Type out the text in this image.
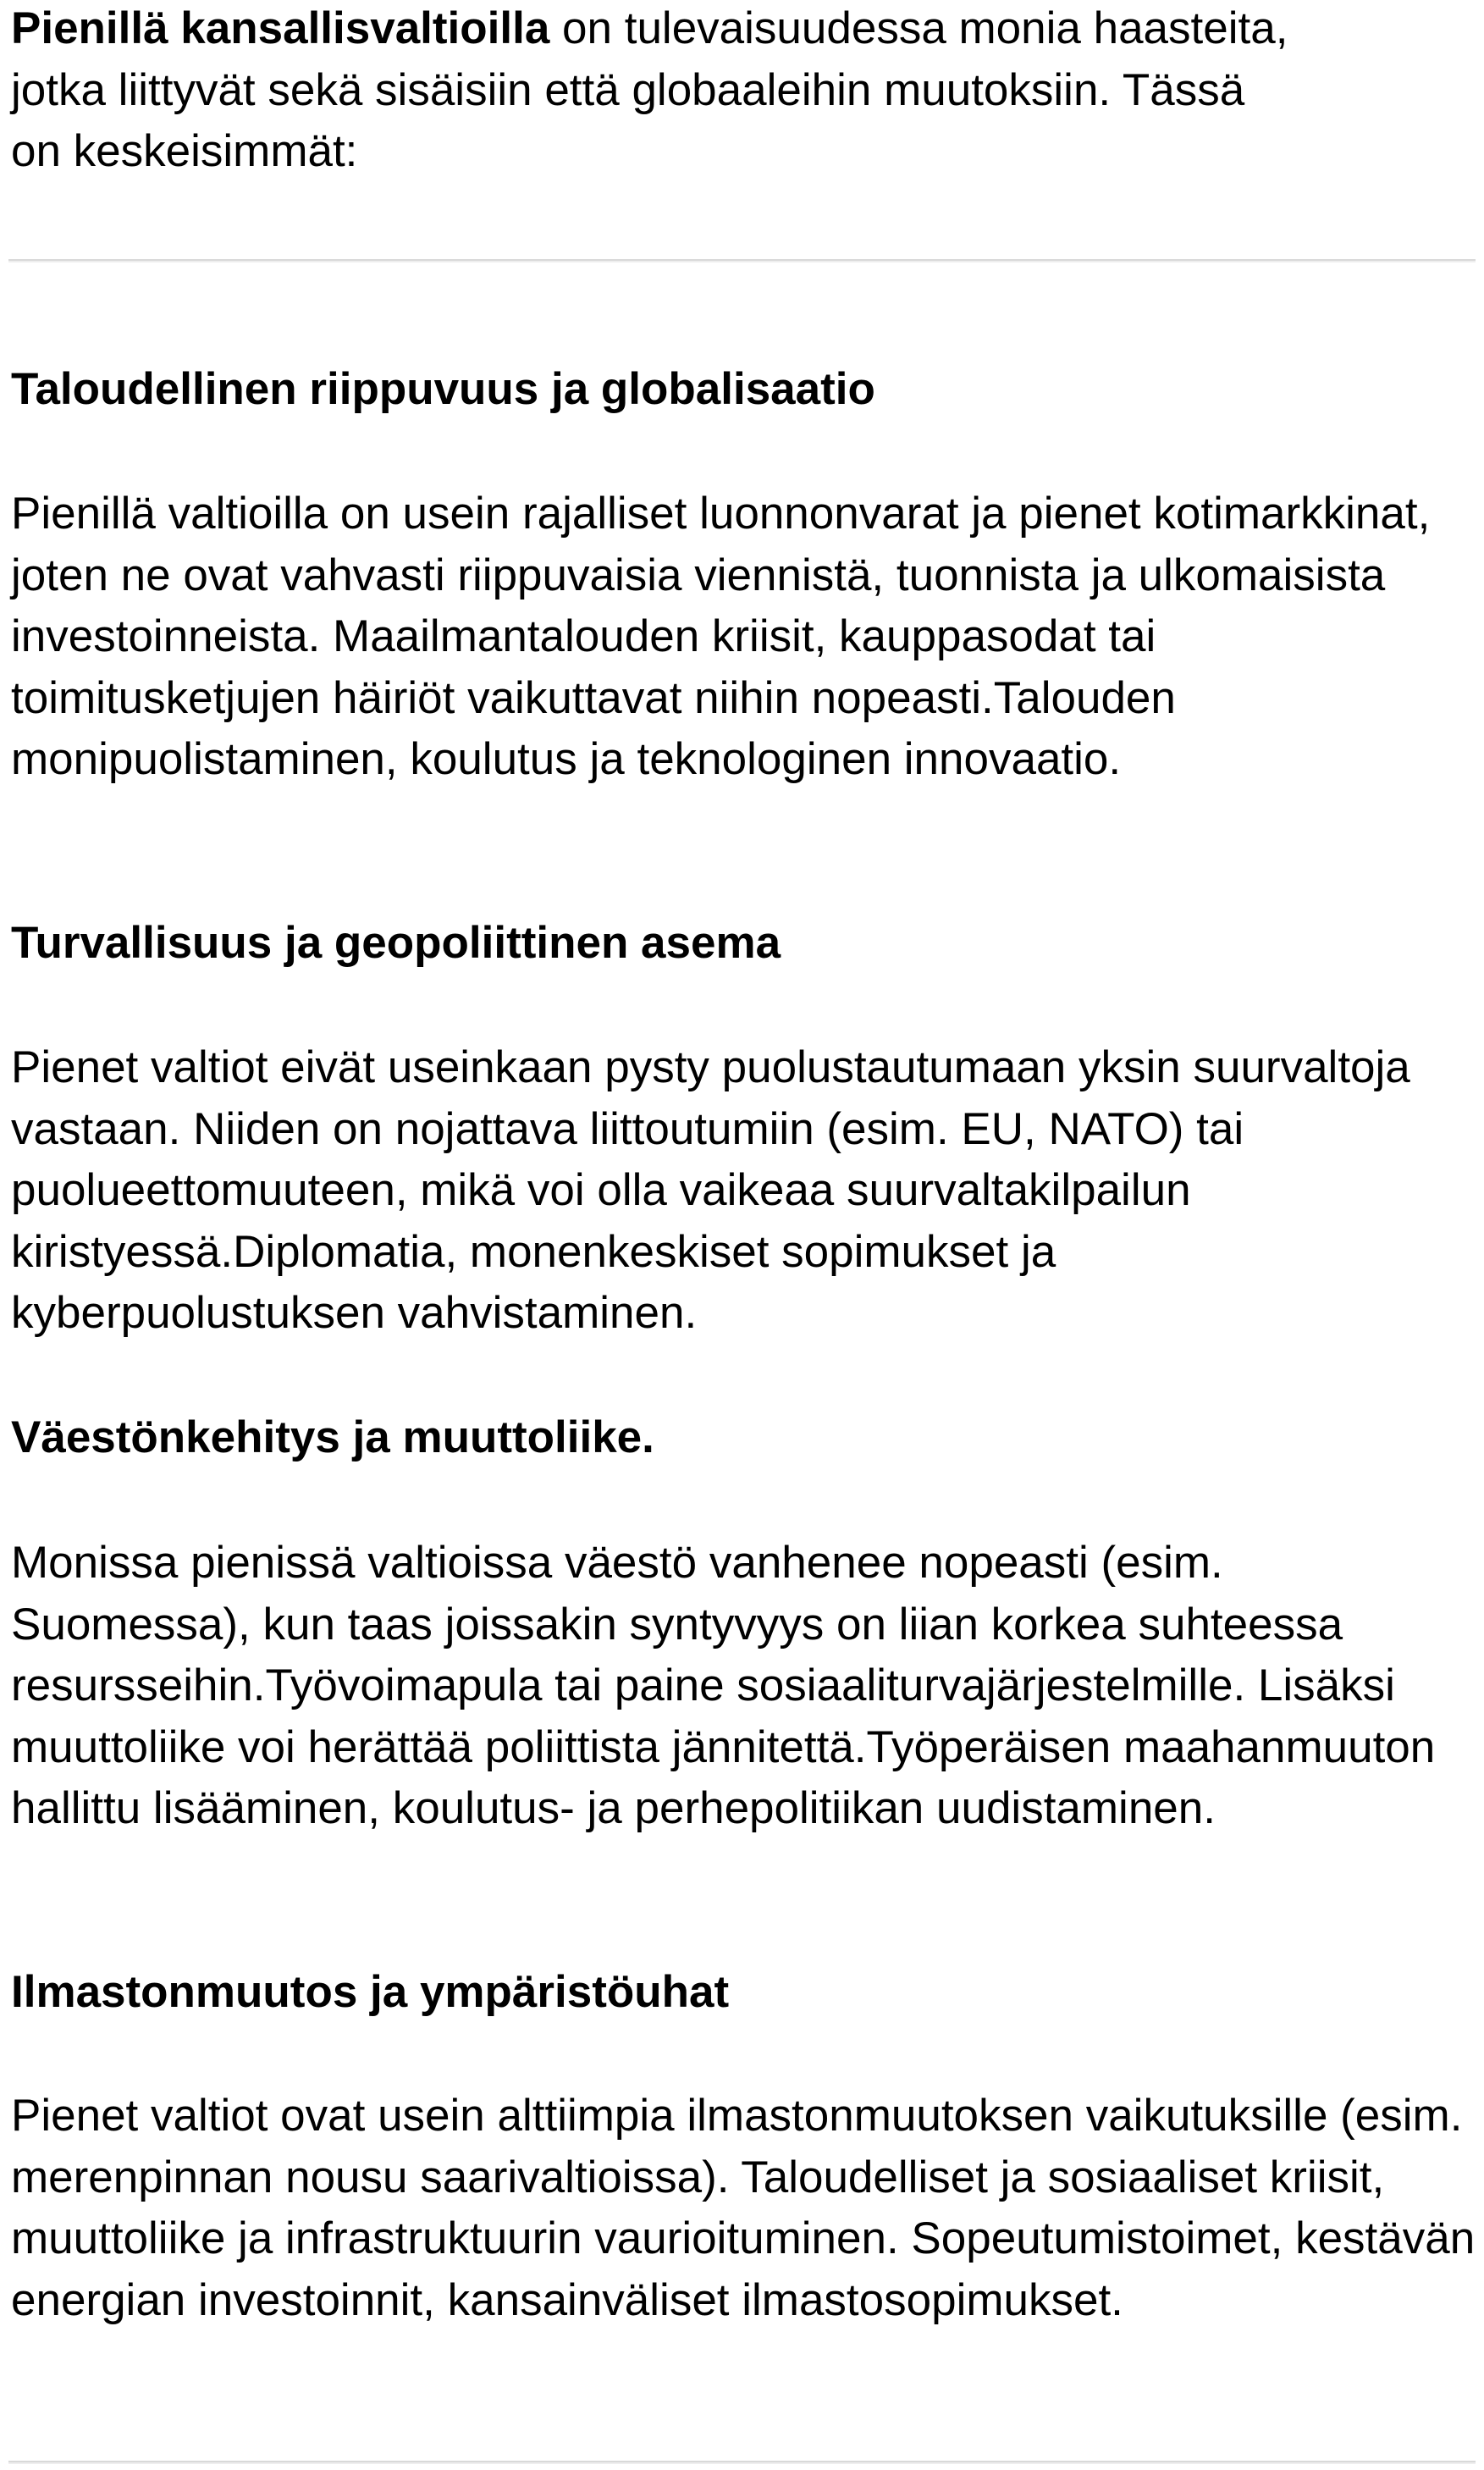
Pienillä kansallisvaltioilla on tulevaisuudessa monia haasteita, jotka liittyvät sekä sisäisiin että globaaleihin muutoksiin. Tässä on keskeisimmät:

Taloudellinen riippuvuus ja globalisaatio

Pienillä valtioilla on usein rajalliset luonnonvarat ja pienet kotimarkkinat, joten ne ovat vahvasti riippuvaisia viennistä, tuonnista ja ulkomaisista investoinneista. Maailmantalouden kriisit, kauppasodat tai toimitusketjujen häiriöt vaikuttavat niihin nopeasti.Talouden monipuolistaminen, koulutus ja teknologinen innovaatio.

Turvallisuus ja geopoliittinen asema

Pienet valtiot eivät useinkaan pysty puolustautumaan yksin suurvaltoja vastaan. Niiden on nojattava liittoutumiin (esim. EU, NATO) tai puolueettomuuteen, mikä voi olla vaikeaa suurvaltakilpailun kiristyessä.Diplomatia, monenkeskiset sopimukset ja kyberpuolustuksen vahvistaminen.

Väestönkehitys ja muuttoliike.

Monissa pienissä valtioissa väestö vanhenee nopeasti (esim. Suomessa), kun taas joissakin syntyvyys on liian korkea suhteessa resursseihin.Työvoimapula tai paine sosiaaliturvajärjestelmille. Lisäksi muuttoliike voi herättää poliittista jännitettä.Työperäisen maahanmuuton hallittu lisääminen, koulutus- ja perhepolitiikan uudistaminen.

Ilmastonmuutos ja ympäristöuhat

Pienet valtiot ovat usein alttiimpia ilmastonmuutoksen vaikutuksille (esim. merenpinnan nousu saarivaltioissa). Taloudelliset ja sosiaaliset kriisit, muuttoliike ja infrastruktuurin vaurioituminen. Sopeutumistoimet, kestävän energian investoinnit, kansainväliset ilmastosopimukset.
